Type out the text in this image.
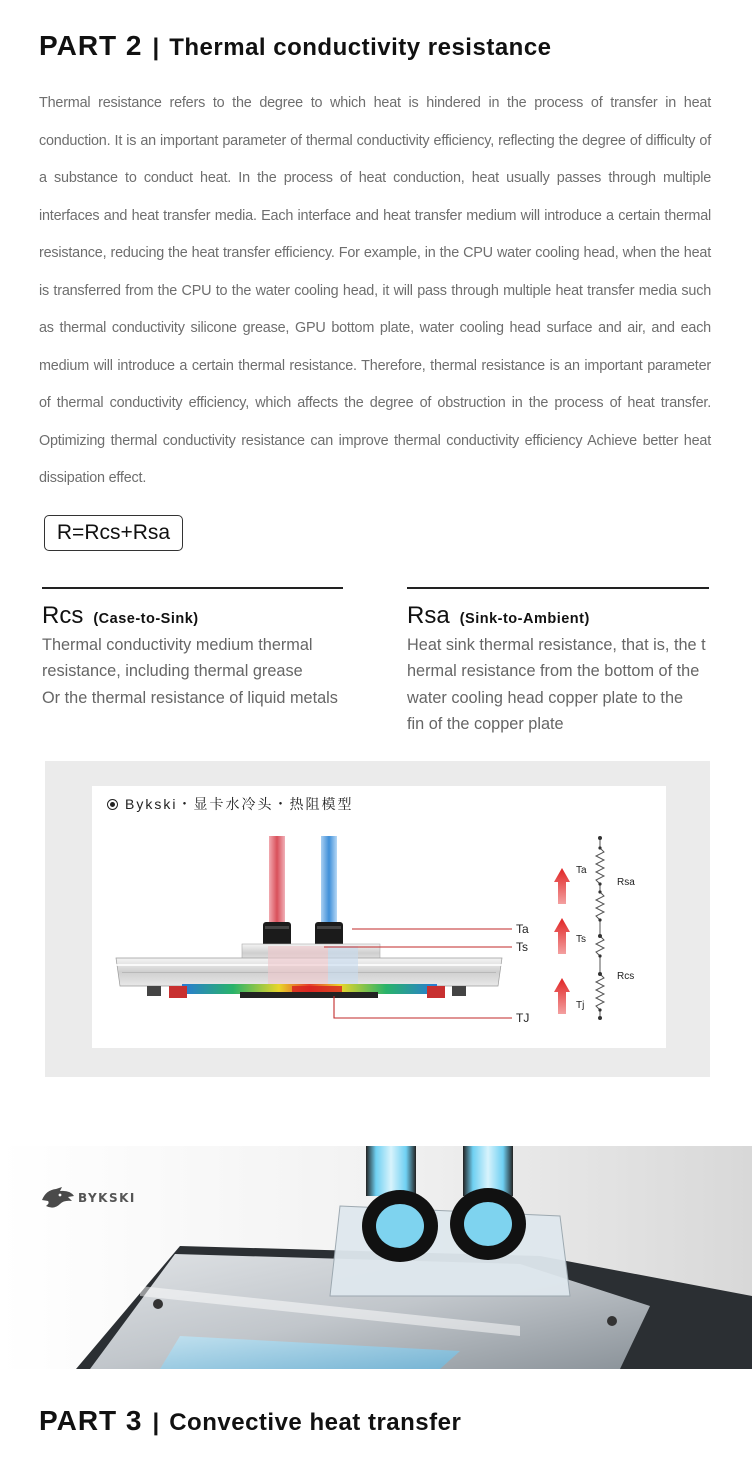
PART 2 | Thermal conductivity resistance

Thermal resistance refers to the degree to which heat is hindered in the process of transfer in heat conduction. It is an important parameter of thermal conductivity efficiency, reflecting the degree of difficulty of a substance to conduct heat. In the process of heat conduction, heat usually passes through multiple interfaces and heat transfer media. Each interface and heat transfer medium will introduce a certain thermal resistance, reducing the heat transfer efficiency. For example, in the CPU water cooling head, when the heat is transferred from the CPU to the water cooling head, it will pass through multiple heat transfer media such as thermal conductivity silicone grease, GPU bottom plate, water cooling head surface and air, and each medium will introduce a certain thermal resistance. Therefore, thermal resistance is an important parameter of thermal conductivity efficiency, which affects the degree of obstruction in the process of heat transfer. Optimizing thermal conductivity resistance can improve thermal conductivity efficiency Achieve better heat dissipation effect.

R=Rcs+Rsa
Rcs (Case-to-Sink)
Thermal conductivity medium thermal
resistance, including thermal grease
Or the thermal resistance of liquid metals
Rsa (Sink-to-Ambient)
Heat sink thermal resistance, that is, the t
hermal resistance from the bottom of the
water cooling head copper plate to the
fin of the copper plate
Ta
Ts
TJ
Ta
Ts
Tj
Rsa
Rcs
Bykski・显卡水冷头・热阻模型
BYKSKI
PART 3 | Convective heat transfer
